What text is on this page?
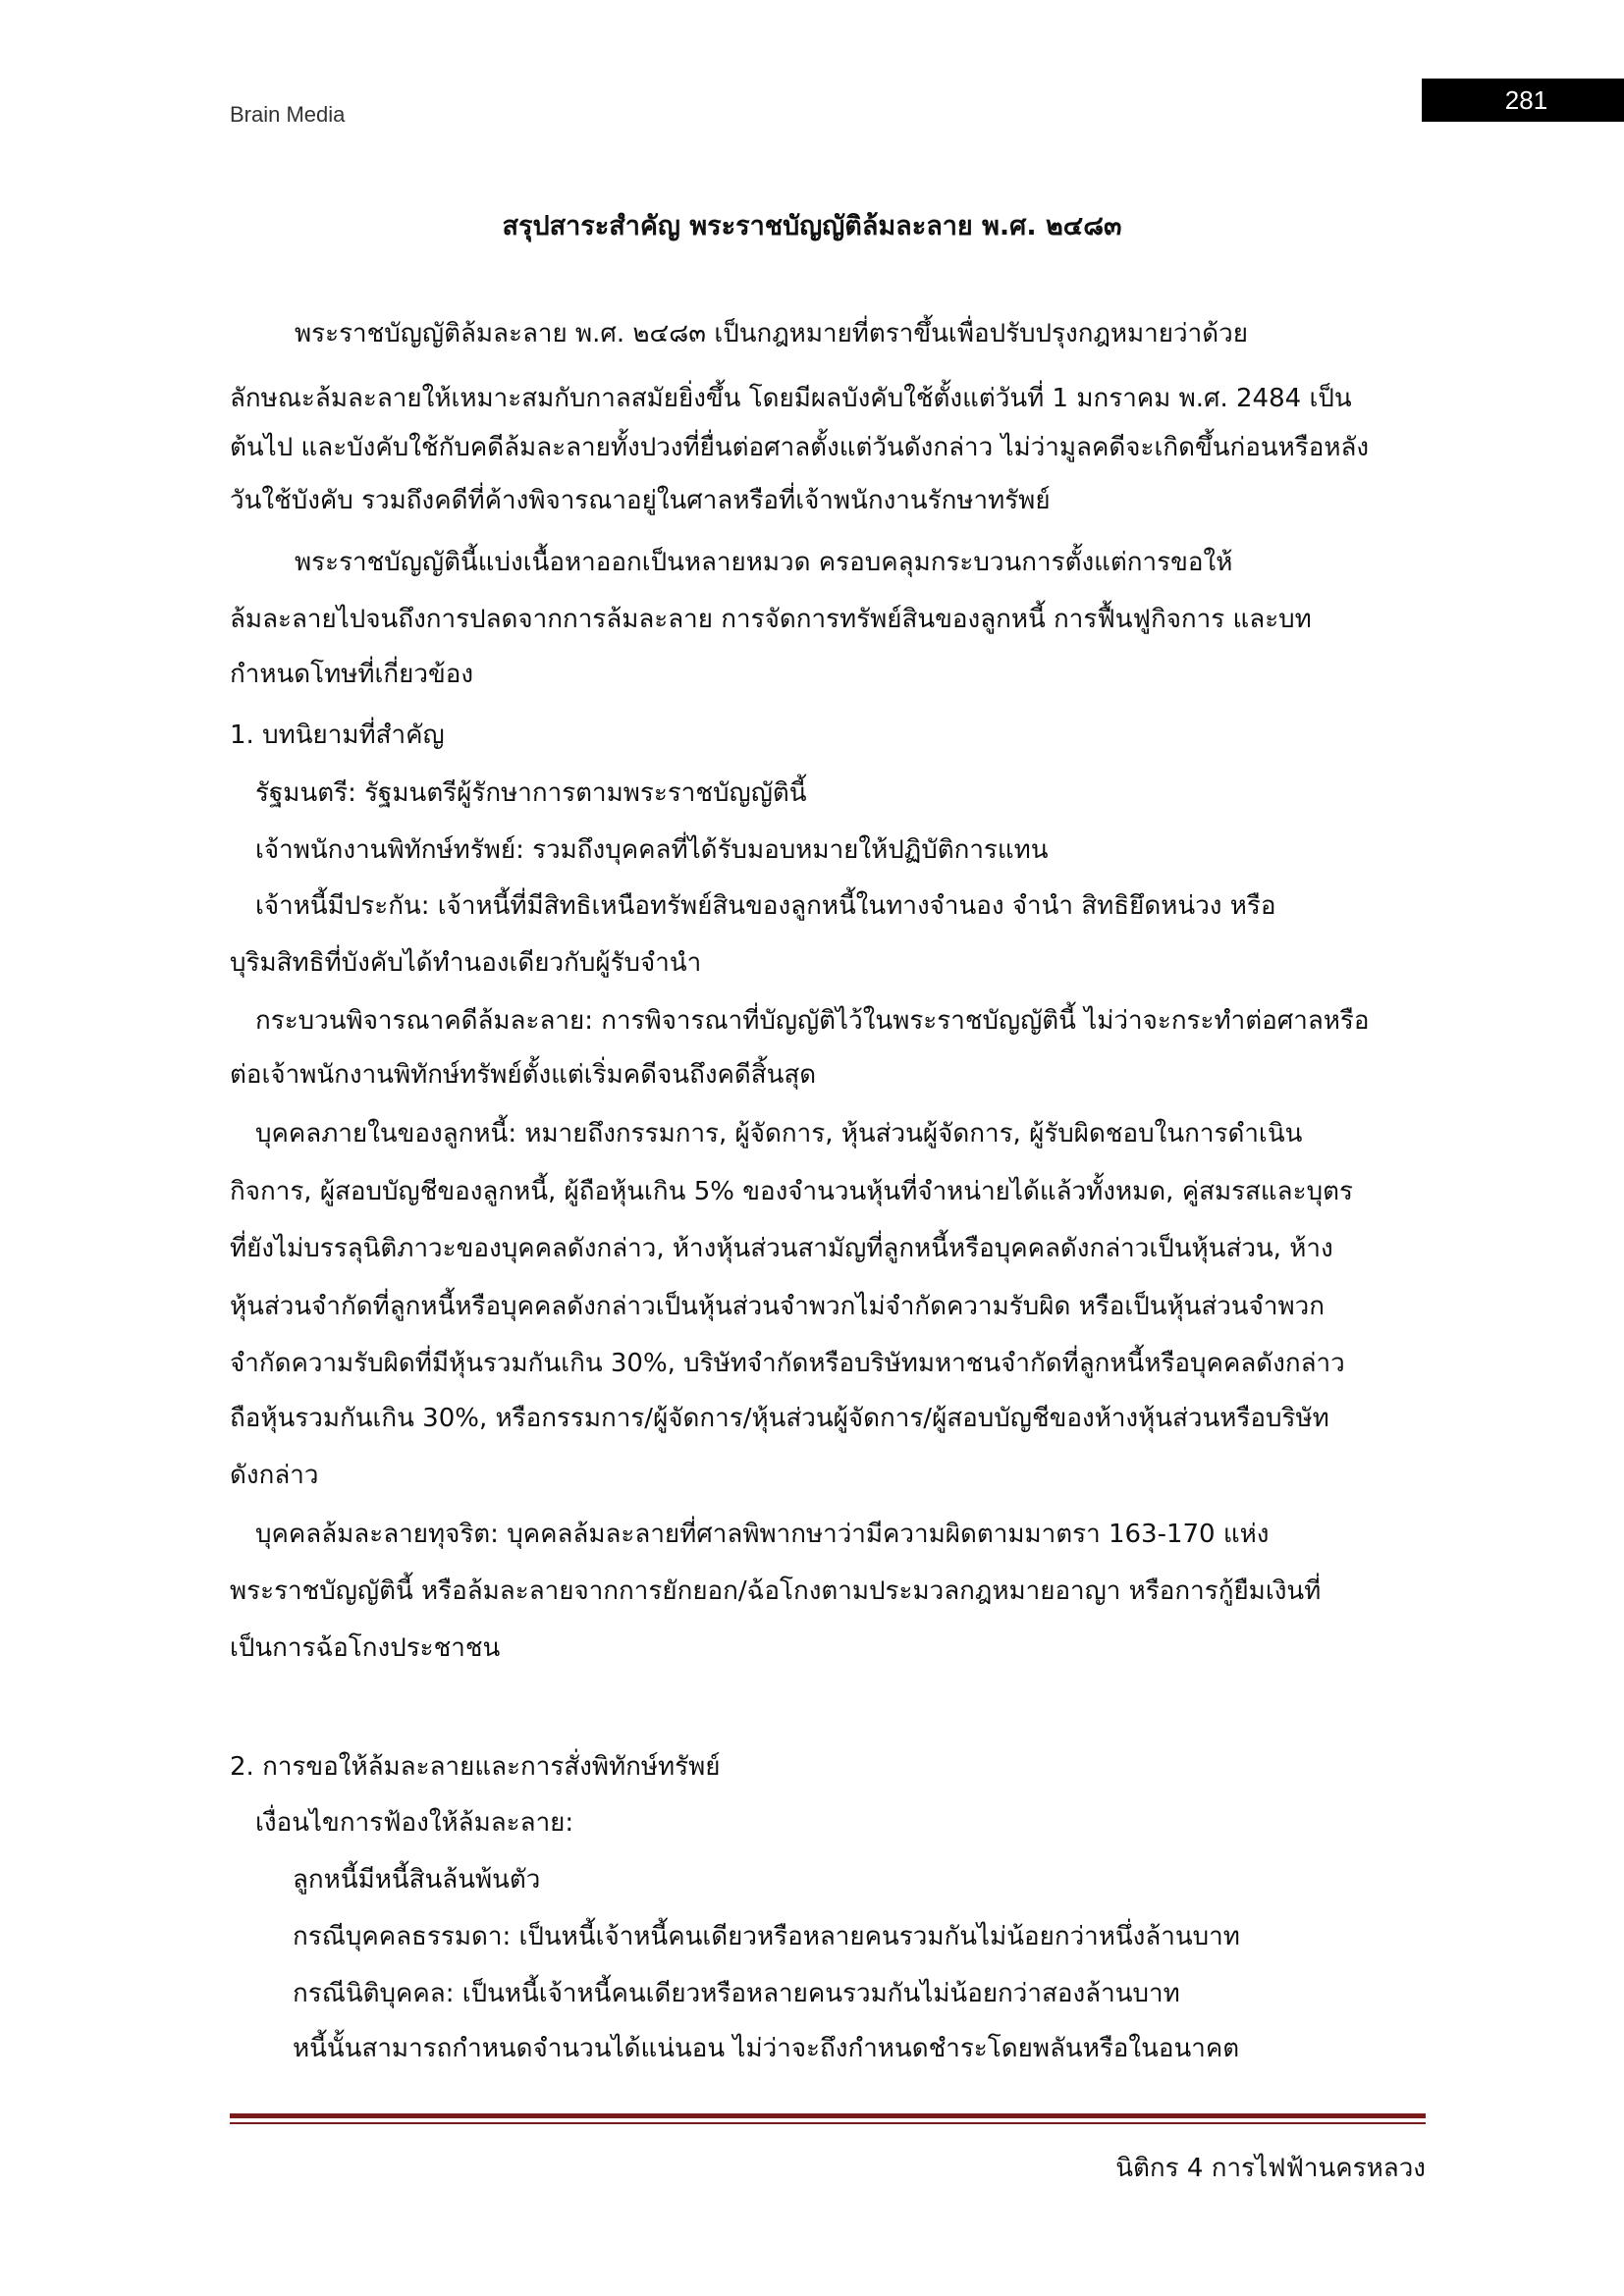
Brain Media	281
สรุปสาระสำคัญ พระราชบัญญัติล้มละลาย พ.ศ. ๒๔๘๓
พระราชบัญญัติล้มละลาย พ.ศ. ๒๔๘๓ เป็นกฎหมายที่ตราขึ้นเพื่อปรับปรุงกฎหมายว่าด้วย
ลักษณะล้มละลายให้เหมาะสมกับกาลสมัยยิ่งขึ้น โดยมีผลบังคับใช้ตั้งแต่วันที่ 1 มกราคม พ.ศ. 2484 เป็น
ต้นไป และบังคับใช้กับคดีล้มละลายทั้งปวงที่ยื่นต่อศาลตั้งแต่วันดังกล่าว ไม่ว่ามูลคดีจะเกิดขึ้นก่อนหรือหลัง
วันใช้บังคับ รวมถึงคดีที่ค้างพิจารณาอยู่ในศาลหรือที่เจ้าพนักงานรักษาทรัพย์
พระราชบัญญัตินี้แบ่งเนื้อหาออกเป็นหลายหมวด ครอบคลุมกระบวนการตั้งแต่การขอให้
ล้มละลายไปจนถึงการปลดจากการล้มละลาย การจัดการทรัพย์สินของลูกหนี้ การฟื้นฟูกิจการ และบท
กำหนดโทษที่เกี่ยวข้อง
1. บทนิยามที่สำคัญ
รัฐมนตรี: รัฐมนตรีผู้รักษาการตามพระราชบัญญัตินี้
เจ้าพนักงานพิทักษ์ทรัพย์: รวมถึงบุคคลที่ได้รับมอบหมายให้ปฏิบัติการแทน
เจ้าหนี้มีประกัน: เจ้าหนี้ที่มีสิทธิเหนือทรัพย์สินของลูกหนี้ในทางจำนอง จำนำ สิทธิยึดหน่วง หรือ
บุริมสิทธิที่บังคับได้ทำนองเดียวกับผู้รับจำนำ
กระบวนพิจารณาคดีล้มละลาย: การพิจารณาที่บัญญัติไว้ในพระราชบัญญัตินี้ ไม่ว่าจะกระทำต่อศาลหรือ
ต่อเจ้าพนักงานพิทักษ์ทรัพย์ตั้งแต่เริ่มคดีจนถึงคดีสิ้นสุด
บุคคลภายในของลูกหนี้: หมายถึงกรรมการ, ผู้จัดการ, หุ้นส่วนผู้จัดการ, ผู้รับผิดชอบในการดำเนิน
กิจการ, ผู้สอบบัญชีของลูกหนี้, ผู้ถือหุ้นเกิน 5% ของจำนวนหุ้นที่จำหน่ายได้แล้วทั้งหมด, คู่สมรสและบุตร
ที่ยังไม่บรรลุนิติภาวะของบุคคลดังกล่าว, ห้างหุ้นส่วนสามัญที่ลูกหนี้หรือบุคคลดังกล่าวเป็นหุ้นส่วน, ห้าง
หุ้นส่วนจำกัดที่ลูกหนี้หรือบุคคลดังกล่าวเป็นหุ้นส่วนจำพวกไม่จำกัดความรับผิด หรือเป็นหุ้นส่วนจำพวก
จำกัดความรับผิดที่มีหุ้นรวมกันเกิน 30%, บริษัทจำกัดหรือบริษัทมหาชนจำกัดที่ลูกหนี้หรือบุคคลดังกล่าว
ถือหุ้นรวมกันเกิน 30%, หรือกรรมการ/ผู้จัดการ/หุ้นส่วนผู้จัดการ/ผู้สอบบัญชีของห้างหุ้นส่วนหรือบริษัท
ดังกล่าว
บุคคลล้มละลายทุจริต: บุคคลล้มละลายที่ศาลพิพากษาว่ามีความผิดตามมาตรา 163-170 แห่ง
พระราชบัญญัตินี้ หรือล้มละลายจากการยักยอก/ฉ้อโกงตามประมวลกฎหมายอาญา หรือการกู้ยืมเงินที่
เป็นการฉ้อโกงประชาชน
2. การขอให้ล้มละลายและการสั่งพิทักษ์ทรัพย์
เงื่อนไขการฟ้องให้ล้มละลาย:
ลูกหนี้มีหนี้สินล้นพ้นตัว
กรณีบุคคลธรรมดา: เป็นหนี้เจ้าหนี้คนเดียวหรือหลายคนรวมกันไม่น้อยกว่าหนึ่งล้านบาท
กรณีนิติบุคคล: เป็นหนี้เจ้าหนี้คนเดียวหรือหลายคนรวมกันไม่น้อยกว่าสองล้านบาท
หนี้นั้นสามารถกำหนดจำนวนได้แน่นอน ไม่ว่าจะถึงกำหนดชำระโดยพลันหรือในอนาคต
นิติกร 4 การไฟฟ้านครหลวง
